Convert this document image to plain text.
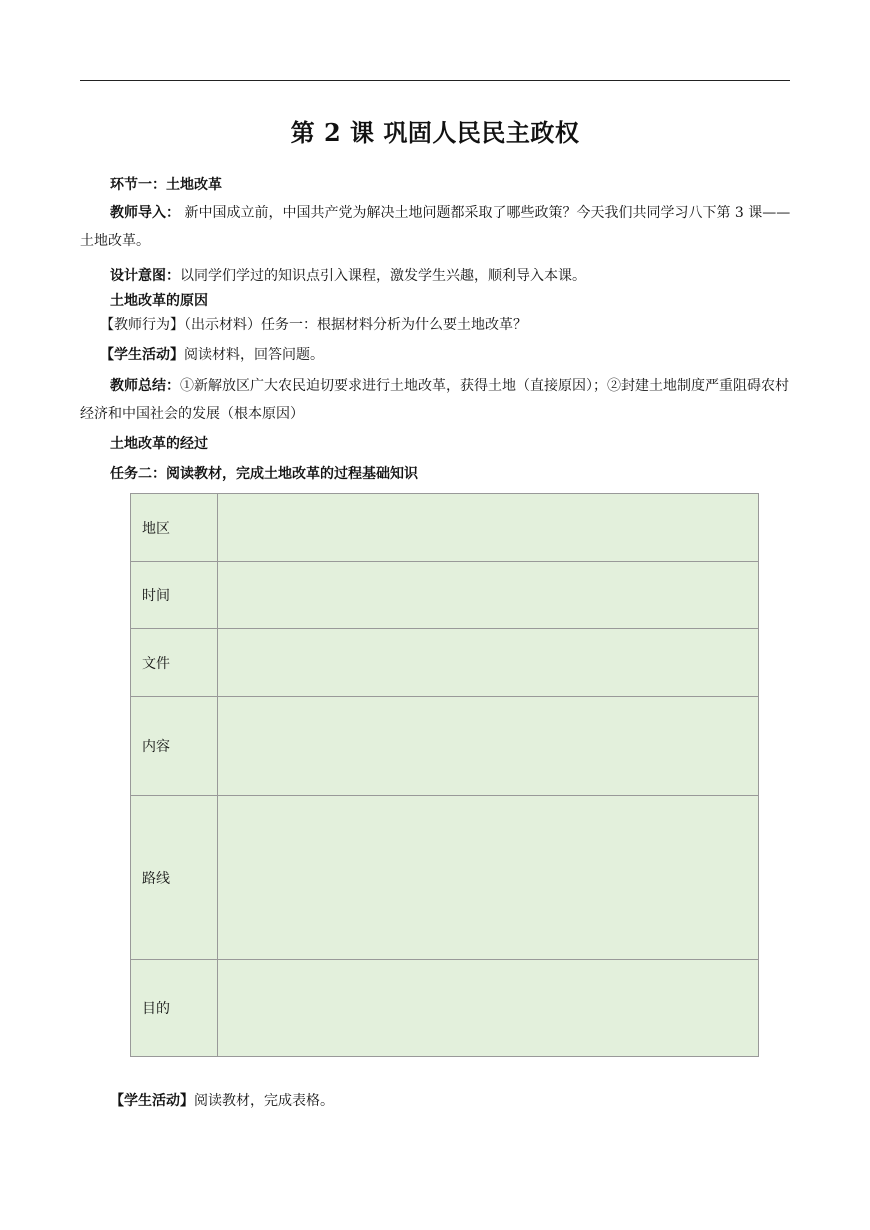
第 2 课 巩固人民民主政权
环节一：土地改革
教师导入： 新中国成立前，中国共产党为解决土地问题都采取了哪些政策？今天我们共同学习八下第 3 课——土地改革。
设计意图：以同学们学过的知识点引入课程，激发学生兴趣，顺利导入本课。
土地改革的原因
【教师行为】（出示材料）任务一：根据材料分析为什么要土地改革？
【学生活动】阅读材料，回答问题。
教师总结：①新解放区广大农民迫切要求进行土地改革，获得土地（直接原因）；②封建土地制度严重阻碍农村经济和中国社会的发展（根本原因）
土地改革的经过
任务二：阅读教材，完成土地改革的过程基础知识
地区	
时间	
文件	
内容	
路线	
目的	
【学生活动】阅读教材，完成表格。
